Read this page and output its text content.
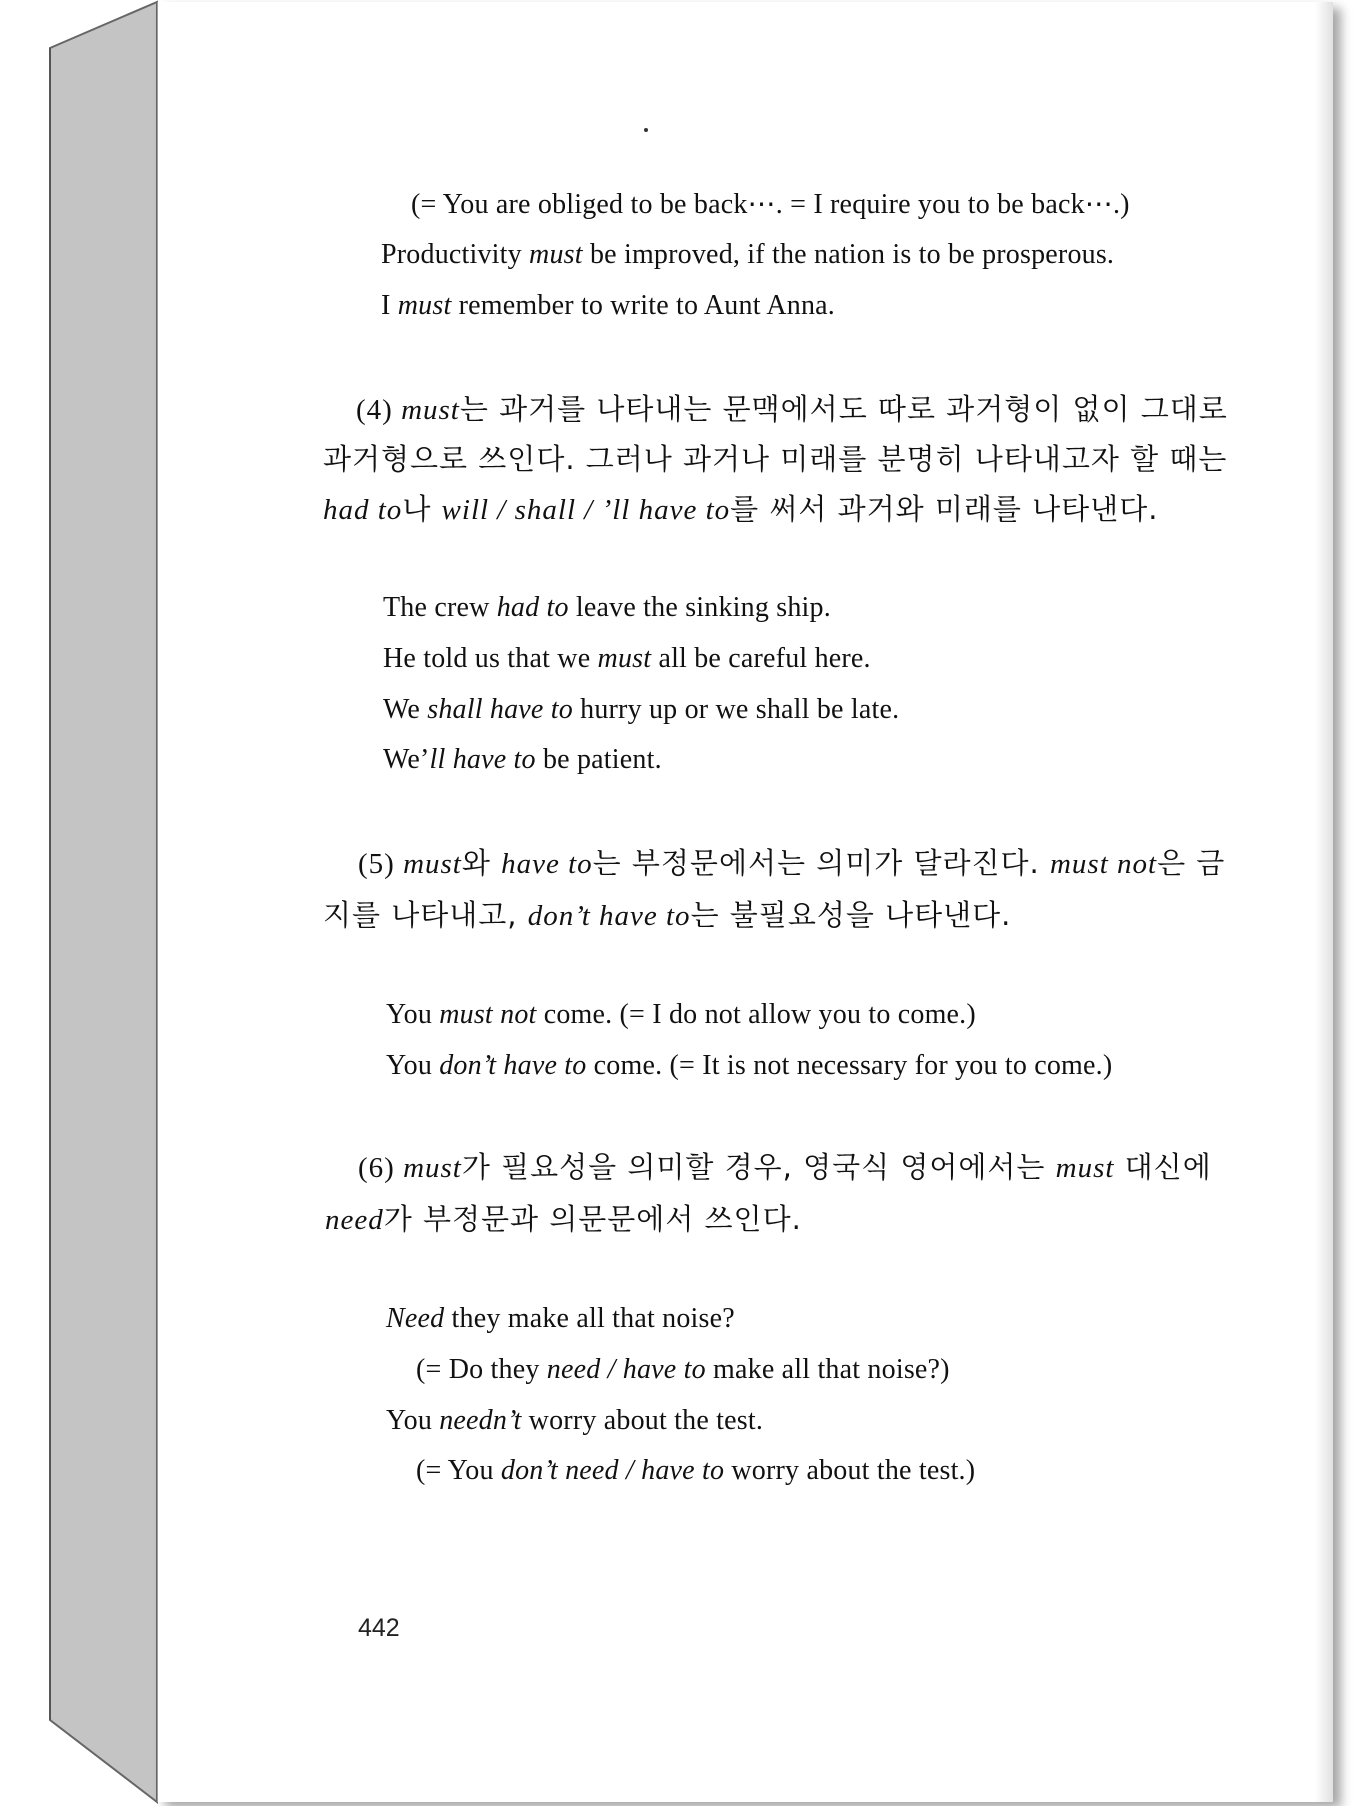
(= You are obliged to be back⋯. = I require you to be back⋯.)
Productivity must be improved, if the nation is to be prosperous.
I must remember to write to Aunt Anna.
(4) must는 과거를 나타내는 문맥에서도 따로 과거형이 없이 그대로
과거형으로 쓰인다. 그러나 과거나 미래를 분명히 나타내고자 할 때는
had to나 will / shall / ’ll have to를 써서 과거와 미래를 나타낸다.
The crew had to leave the sinking ship.
He told us that we must all be careful here.
We shall have to hurry up or we shall be late.
We’ll have to be patient.
(5) must와 have to는 부정문에서는 의미가 달라진다. must not은 금
지를 나타내고, don’t have to는 불필요성을 나타낸다.
You must not come. (= I do not allow you to come.)
You don’t have to come. (= It is not necessary for you to come.)
(6) must가 필요성을 의미할 경우, 영국식 영어에서는 must 대신에
need가 부정문과 의문문에서 쓰인다.
Need they make all that noise?
(= Do they need / have to make all that noise?)
You needn’t worry about the test.
(= You don’t need / have to worry about the test.)
442
